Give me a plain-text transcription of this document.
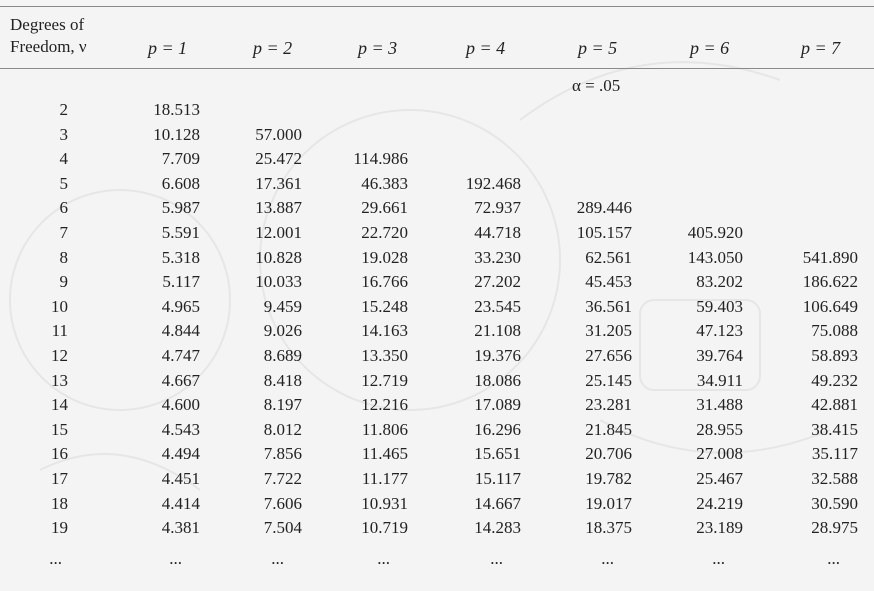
Degrees of
Freedom, ν	p = 1	p = 2	p = 3	p = 4	p = 5	p = 6	p = 7
α = .05
2	18.513
3	10.128	57.000
4	7.709	25.472	114.986
5	6.608	17.361	46.383	192.468
6	5.987	13.887	29.661	72.937	289.446
7	5.591	12.001	22.720	44.718	105.157	405.920
8	5.318	10.828	19.028	33.230	62.561	143.050	541.890
9	5.117	10.033	16.766	27.202	45.453	83.202	186.622
10	4.965	9.459	15.248	23.545	36.561	59.403	106.649
11	4.844	9.026	14.163	21.108	31.205	47.123	75.088
12	4.747	8.689	13.350	19.376	27.656	39.764	58.893
13	4.667	8.418	12.719	18.086	25.145	34.911	49.232
14	4.600	8.197	12.216	17.089	23.281	31.488	42.881
15	4.543	8.012	11.806	16.296	21.845	28.955	38.415
16	4.494	7.856	11.465	15.651	20.706	27.008	35.117
17	4.451	7.722	11.177	15.117	19.782	25.467	32.588
18	4.414	7.606	10.931	14.667	19.017	24.219	30.590
19	4.381	7.504	10.719	14.283	18.375	23.189	28.975
...	...	...	...	...	...	...	...
